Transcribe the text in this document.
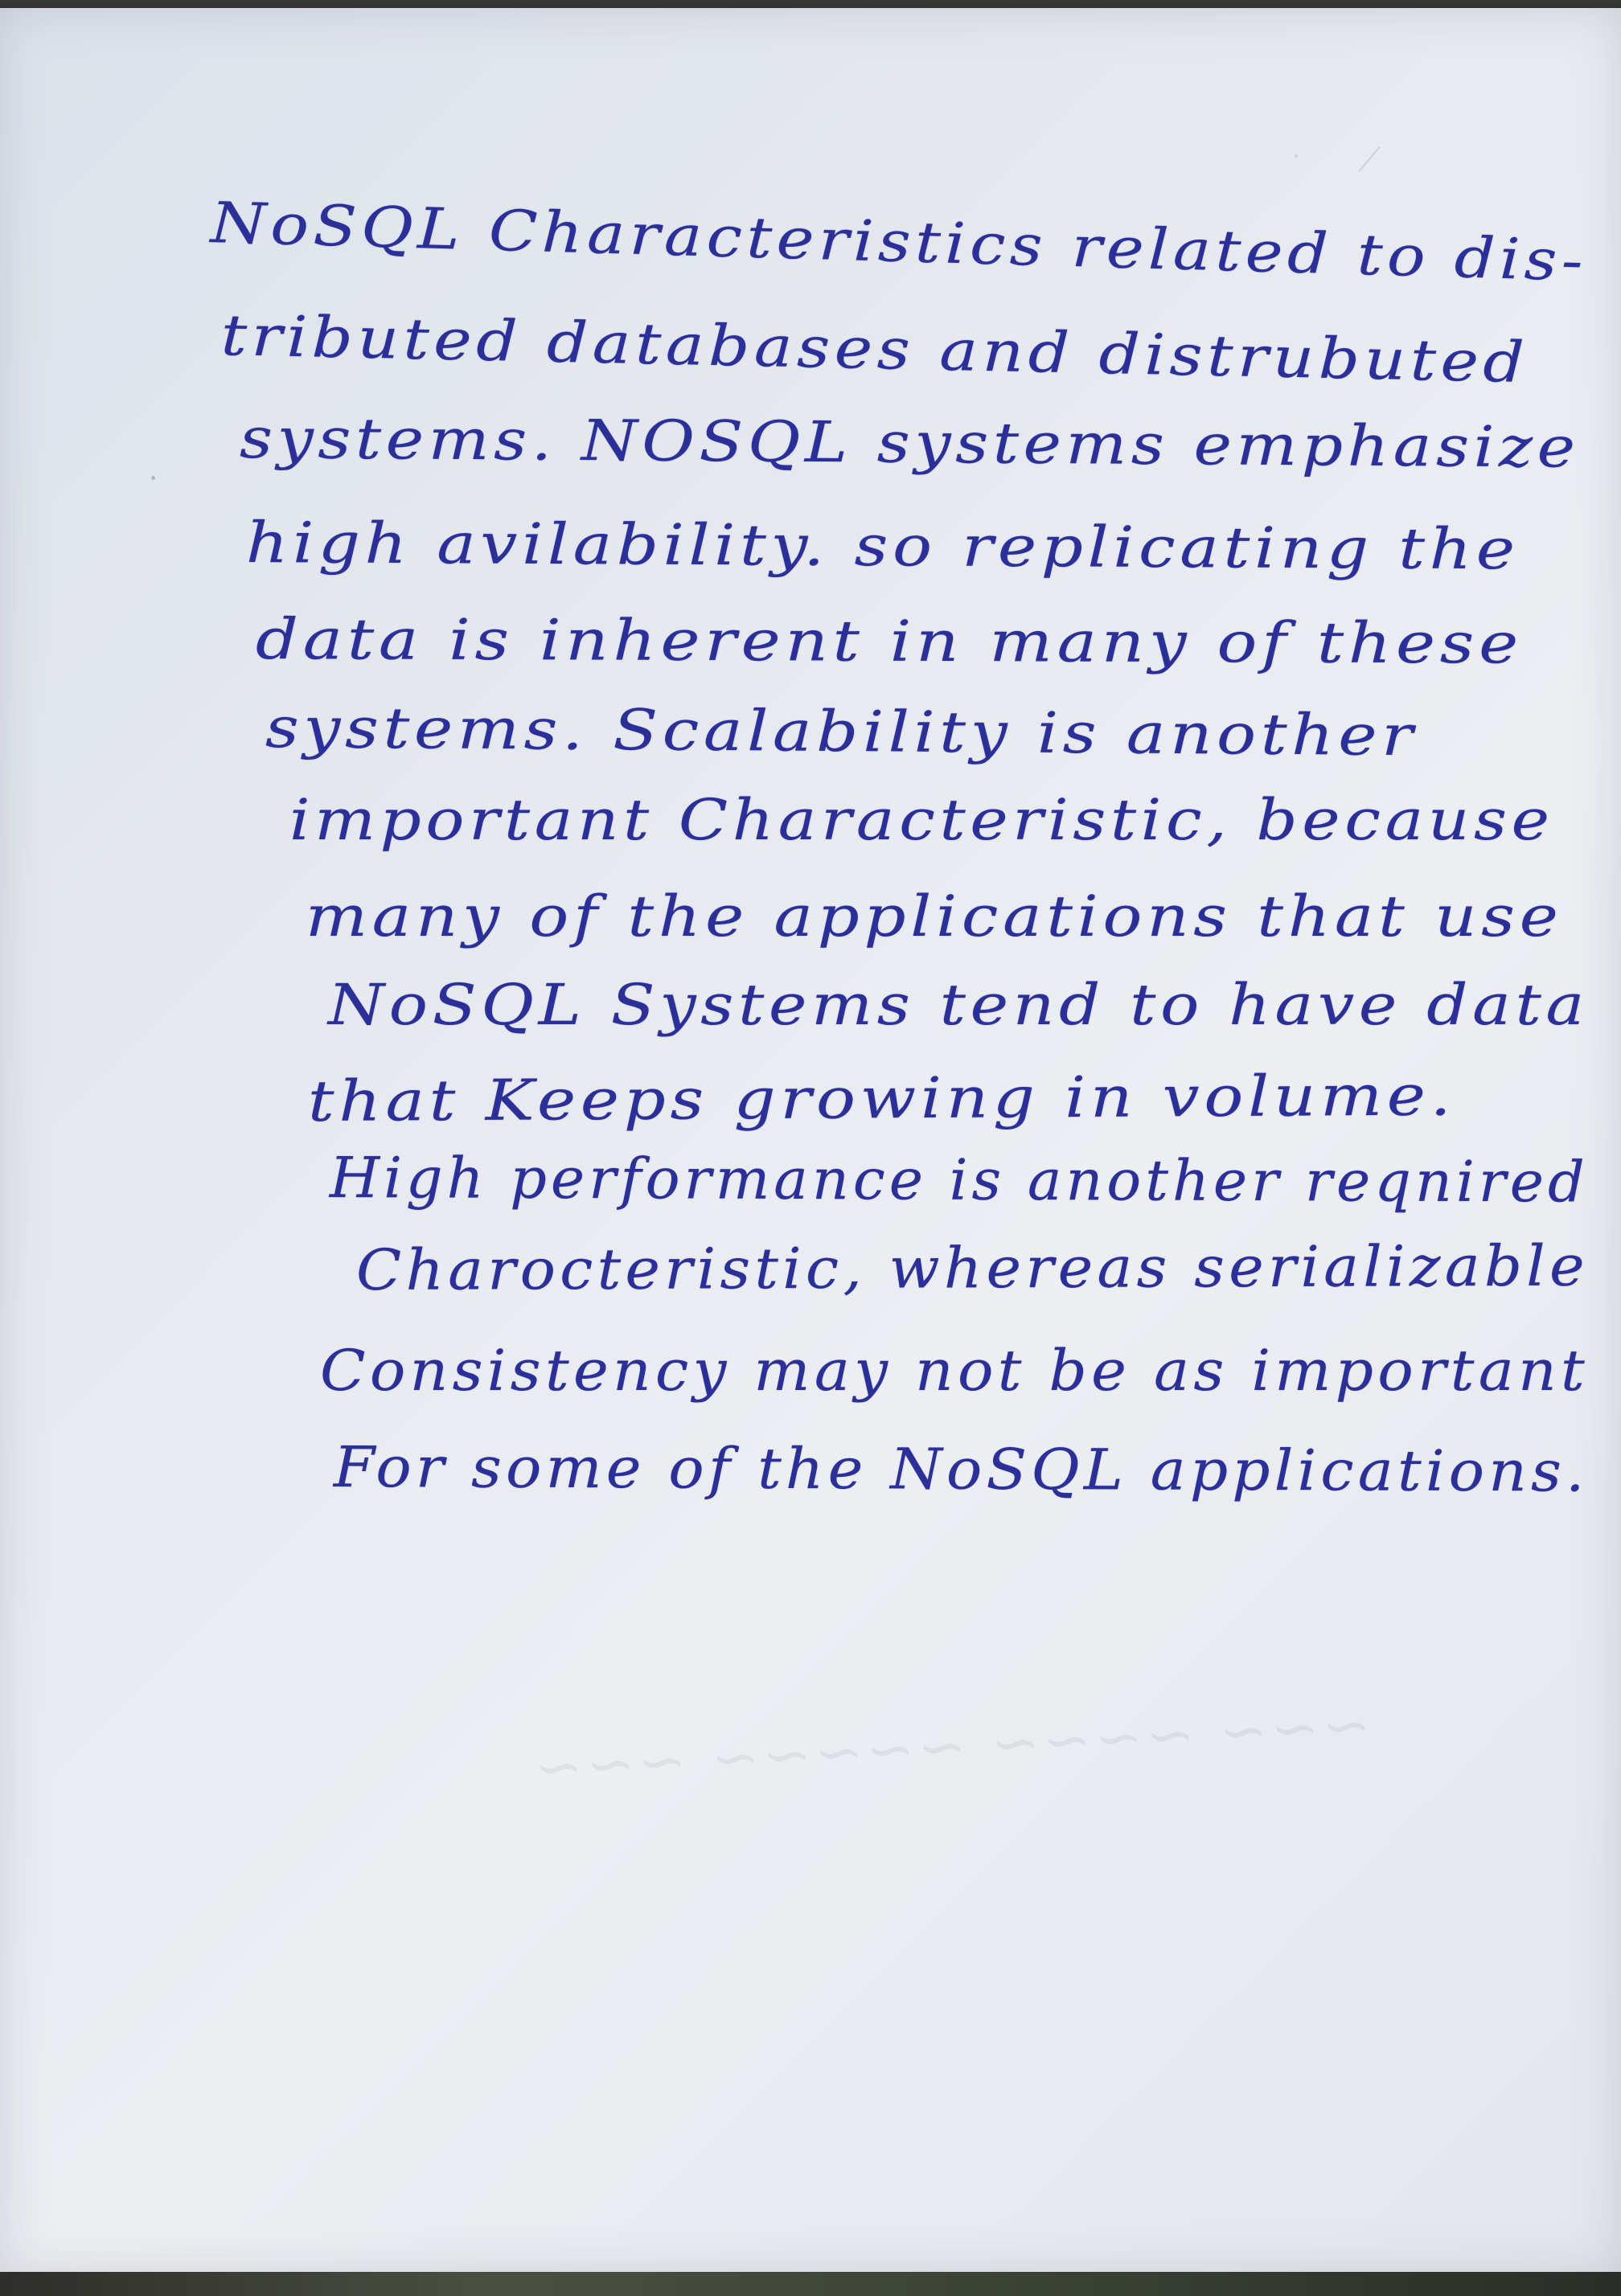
NoSQL Characteristics related to dis-
tributed databases and distrubuted
systems. NOSQL systems emphasize
high avilability. so replicating the
data is inherent in many of these
systems. Scalability is another
important Characteristic, because
many of the applications that use
NoSQL Systems tend to have data
that Keeps growing in volume.
High performance is another reqnired
Charocteristic, whereas serializable
Consistency may not be as important
For some of the NoSQL applications.
~~~ ~~~~ ~~~~~ ~~~
